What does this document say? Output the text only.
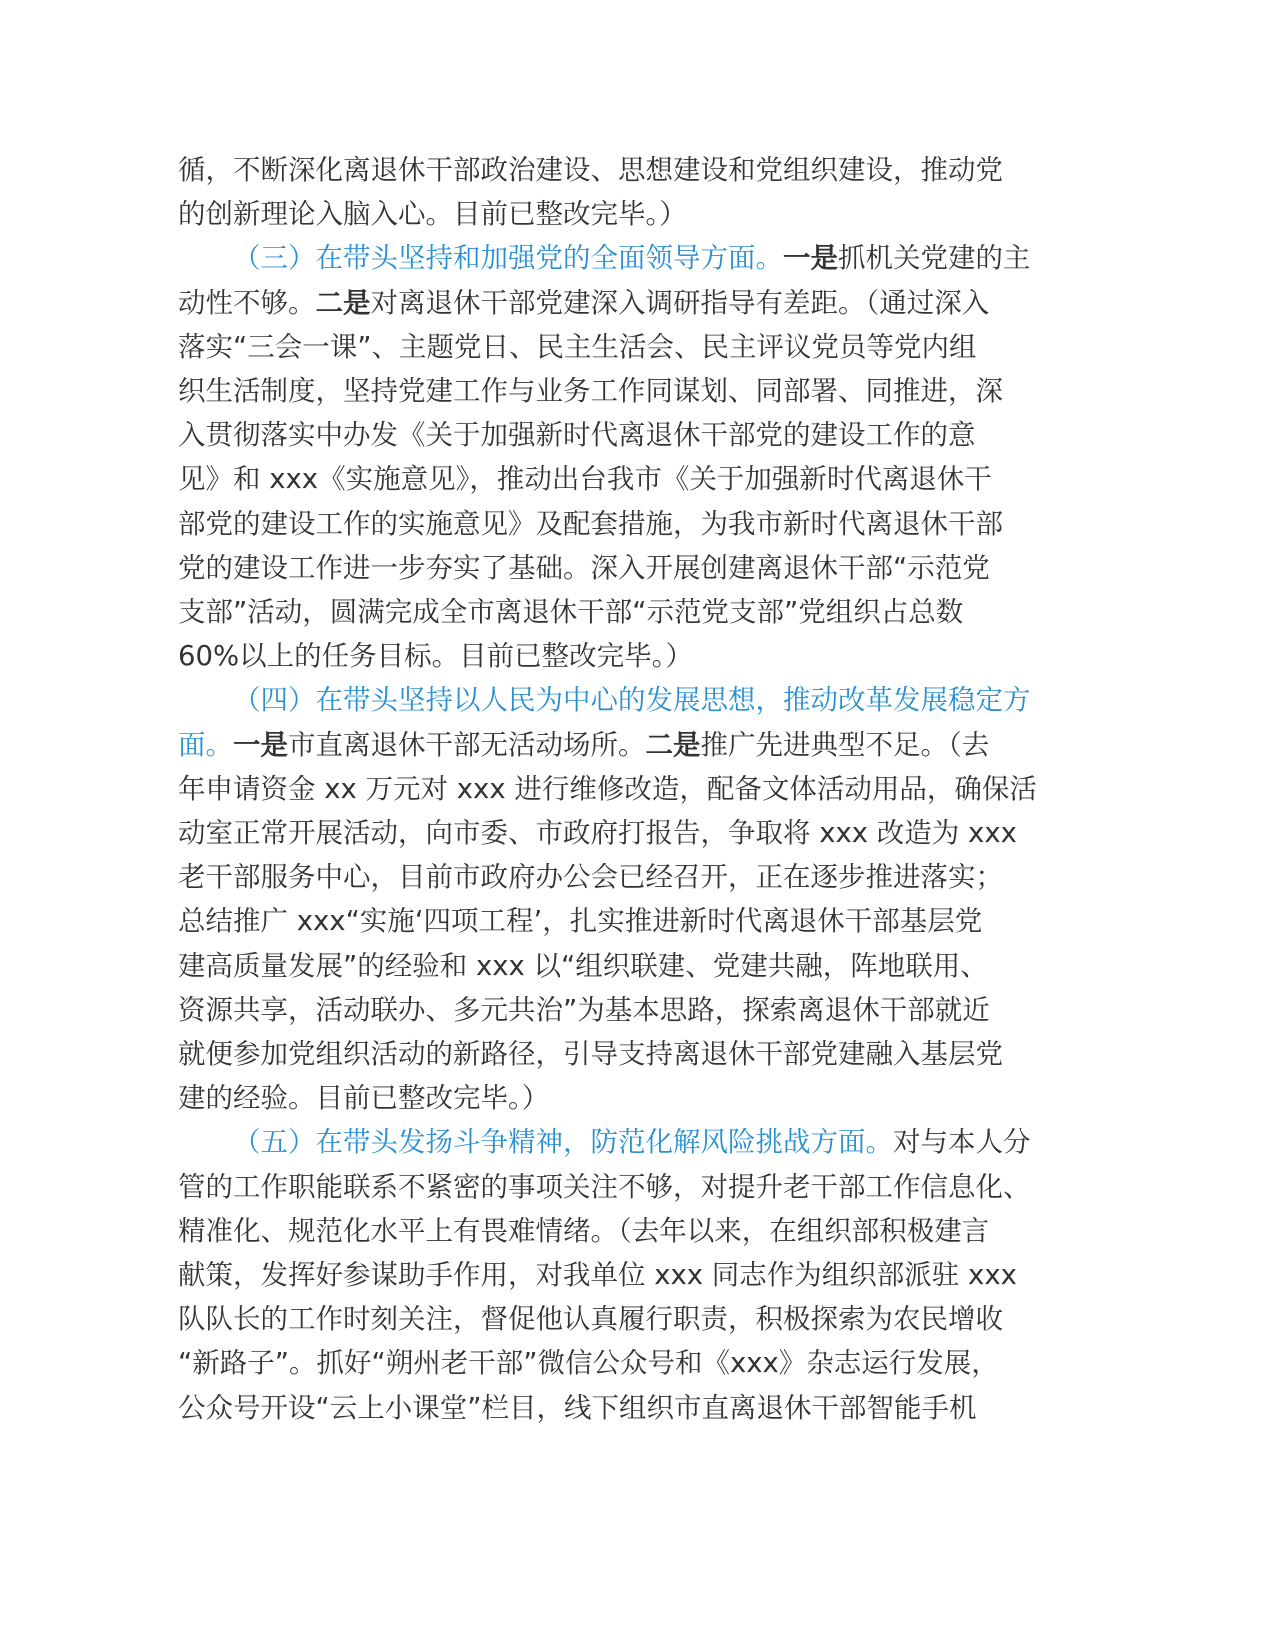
循，不断深化离退休干部政治建设、思想建设和党组织建设，推动党
的创新理论入脑入心。目前已整改完毕。）
（三）在带头坚持和加强党的全面领导方面。一是抓机关党建的主
动性不够。二是对离退休干部党建深入调研指导有差距。（通过深入
落实“三会一课”、主题党日、民主生活会、民主评议党员等党内组
织生活制度，坚持党建工作与业务工作同谋划、同部署、同推进，深
入贯彻落实中办发《关于加强新时代离退休干部党的建设工作的意
见》和 xxx《实施意见》，推动出台我市《关于加强新时代离退休干
部党的建设工作的实施意见》及配套措施，为我市新时代离退休干部
党的建设工作进一步夯实了基础。深入开展创建离退休干部“示范党
支部”活动，圆满完成全市离退休干部“示范党支部”党组织占总数
60%以上的任务目标。目前已整改完毕。）
（四）在带头坚持以人民为中心的发展思想，推动改革发展稳定方
面。一是市直离退休干部无活动场所。二是推广先进典型不足。（去
年申请资金 xx 万元对 xxx 进行维修改造，配备文体活动用品，确保活
动室正常开展活动，向市委、市政府打报告，争取将 xxx 改造为 xxx
老干部服务中心，目前市政府办公会已经召开，正在逐步推进落实；
总结推广 xxx“实施‘四项工程’，扎实推进新时代离退休干部基层党
建高质量发展”的经验和 xxx 以“组织联建、党建共融，阵地联用、
资源共享，活动联办、多元共治”为基本思路，探索离退休干部就近
就便参加党组织活动的新路径，引导支持离退休干部党建融入基层党
建的经验。目前已整改完毕。）
（五）在带头发扬斗争精神，防范化解风险挑战方面。对与本人分
管的工作职能联系不紧密的事项关注不够，对提升老干部工作信息化、
精准化、规范化水平上有畏难情绪。（去年以来，在组织部积极建言
献策，发挥好参谋助手作用，对我单位 xxx 同志作为组织部派驻 xxx
队队长的工作时刻关注，督促他认真履行职责，积极探索为农民增收
“新路子”。抓好“朔州老干部”微信公众号和《xxx》杂志运行发展，
公众号开设“云上小课堂”栏目，线下组织市直离退休干部智能手机
